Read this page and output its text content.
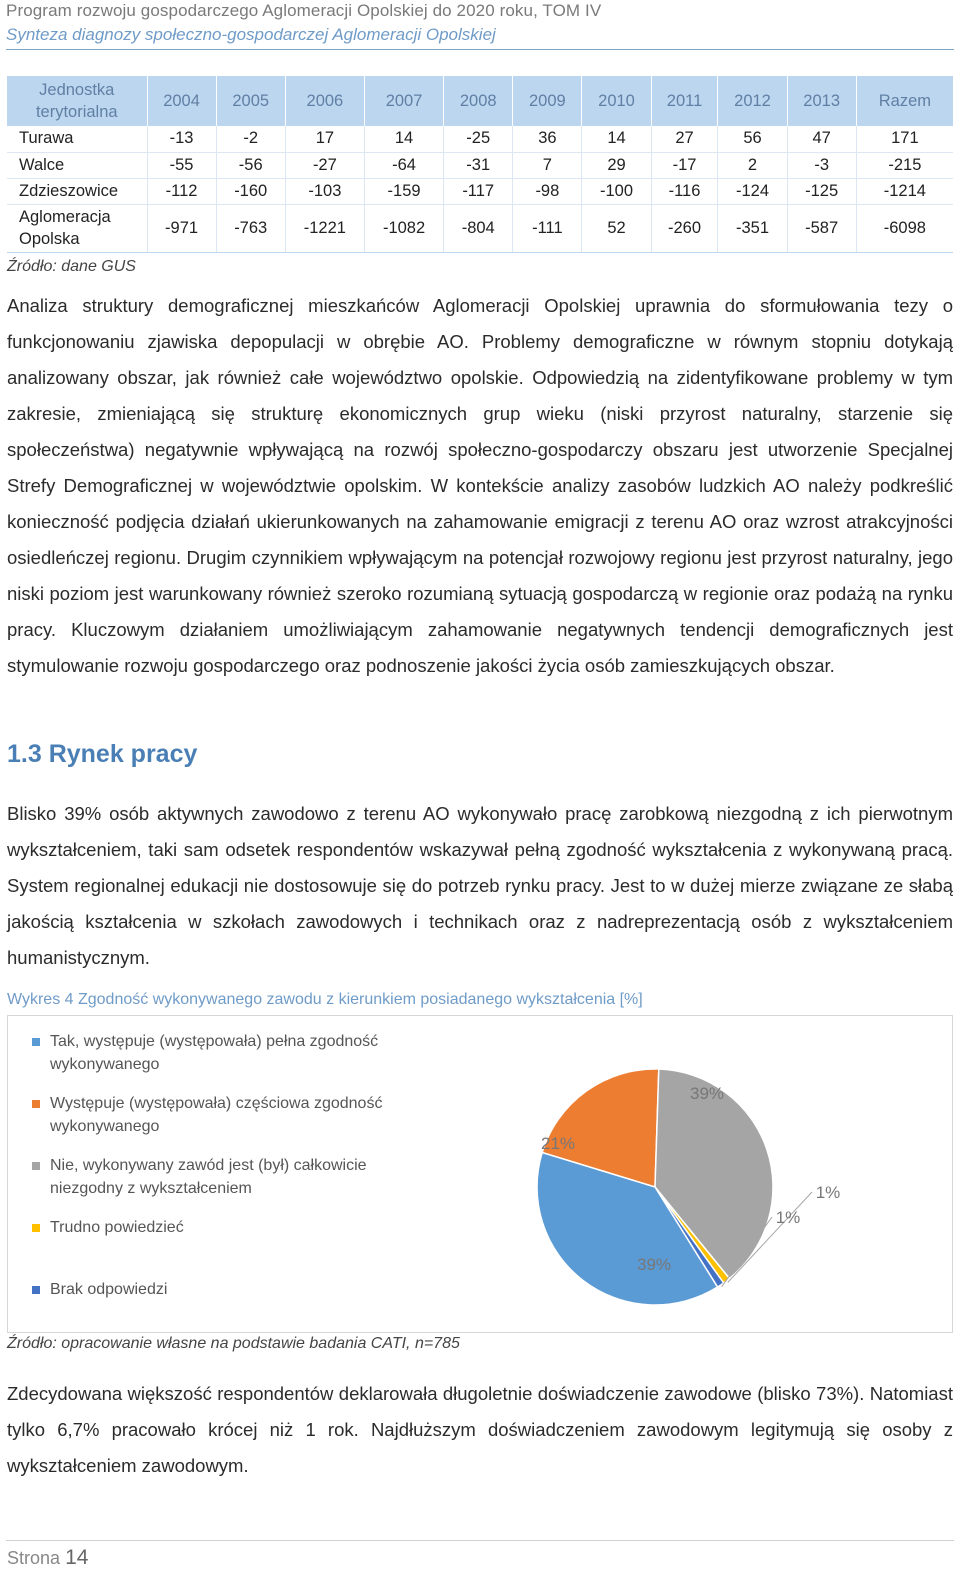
Program rozwoju gospodarczego Aglomeracji Opolskiej do 2020 roku, TOM IV
Synteza diagnozy społeczno-gospodarczej Aglomeracji Opolskiej
Jednostka terytorialna	2004	2005	2006	2007	2008	2009	2010	2011	2012	2013	Razem
Turawa	-13	-2	17	14	-25	36	14	27	56	47	171
Walce	-55	-56	-27	-64	-31	7	29	-17	2	-3	-215
Zdzieszowice	-112	-160	-103	-159	-117	-98	-100	-116	-124	-125	-1214
Aglomeracja Opolska	-971	-763	-1221	-1082	-804	-111	52	-260	-351	-587	-6098
Źródło: dane GUS

Analiza struktury demograficznej mieszkańców Aglomeracji Opolskiej uprawnia do sformułowania tezy o funkcjonowaniu zjawiska depopulacji w obrębie AO. Problemy demograficzne w równym stopniu dotykają analizowany obszar, jak również całe województwo opolskie. Odpowiedzią na zidentyfikowane problemy w tym zakresie, zmieniającą się strukturę ekonomicznych grup wieku (niski przyrost naturalny, starzenie się społeczeństwa) negatywnie wpływającą na rozwój społeczno-gospodarczy obszaru jest utworzenie Specjalnej Strefy Demograficznej w województwie opolskim. W kontekście analizy zasobów ludzkich AO należy podkreślić konieczność podjęcia działań ukierunkowanych na zahamowanie emigracji z terenu AO oraz wzrost atrakcyjności osiedleńczej regionu. Drugim czynnikiem wpływającym na potencjał rozwojowy regionu jest przyrost naturalny, jego niski poziom jest warunkowany również szeroko rozumianą sytuacją gospodarczą w regionie oraz podażą na rynku pracy. Kluczowym działaniem umożliwiającym zahamowanie negatywnych tendencji demograficznych jest stymulowanie rozwoju gospodarczego oraz podnoszenie jakości życia osób zamieszkujących obszar.

1.3 Rynek pracy

Blisko 39% osób aktywnych zawodowo z terenu AO wykonywało pracę zarobkową niezgodną z ich pierwotnym wykształceniem, taki sam odsetek respondentów wskazywał pełną zgodność wykształcenia z wykonywaną pracą. System regionalnej edukacji nie dostosowuje się do potrzeb rynku pracy. Jest to w dużej mierze związane ze słabą jakością kształcenia w szkołach zawodowych i technikach oraz z nadreprezentacją osób z wykształceniem humanistycznym.

Wykres 4 Zgodność wykonywanego zawodu z kierunkiem posiadanego wykształcenia [%]
Tak, występuje (występowała) pełna zgodność wykonywanego
Występuje (występowała) częściowa zgodność wykonywanego
Nie, wykonywany zawód jest (był) całkowicie niezgodny z wykształceniem
Trudno powiedzieć
Brak odpowiedzi
39%
21%
39%
1%
1%
Źródło: opracowanie własne na podstawie badania CATI, n=785

Zdecydowana większość respondentów deklarowała długoletnie doświadczenie zawodowe (blisko 73%). Natomiast tylko 6,7% pracowało krócej niż 1 rok. Najdłuższym doświadczeniem zawodowym legitymują się osoby z wykształceniem zawodowym.

Strona 14
